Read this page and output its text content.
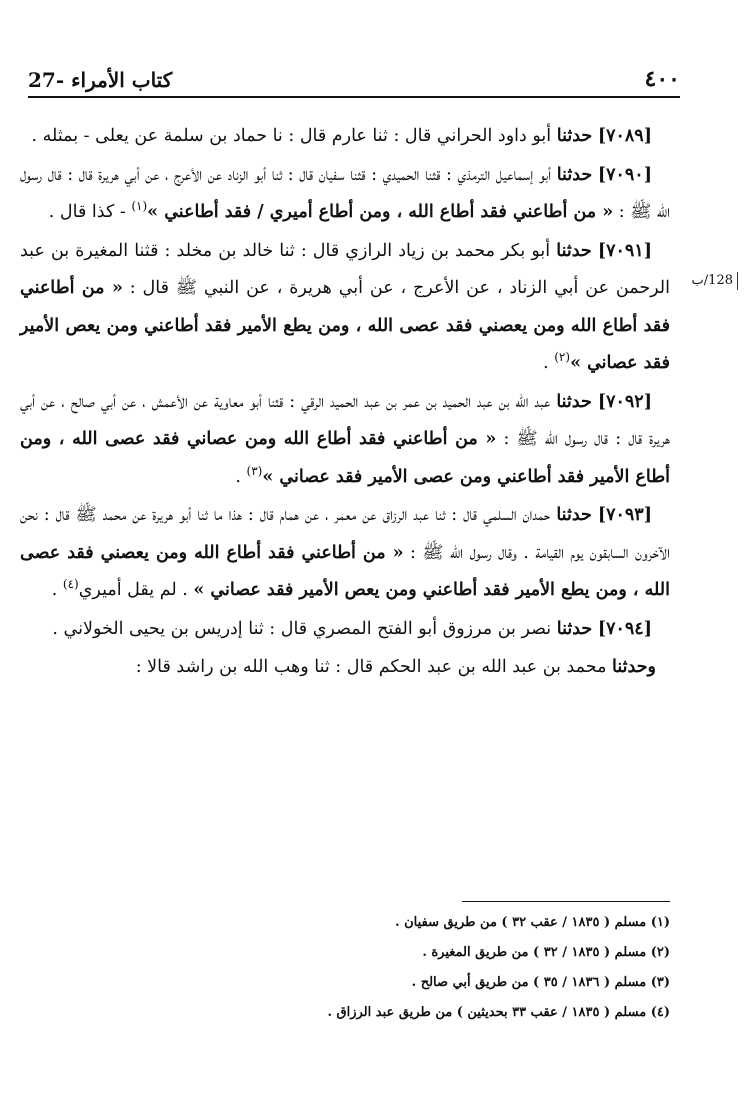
27- كتاب الأمراء	٤٠٠
128/ب

[٧٠٨٩] حدثنا أبو داود الحراني قال : ثنا عارم قال : نا حماد بن سلمة عن يعلى - بمثله .

[٧٠٩٠] حدثنا أبو إسماعيل الترمذي : قثنا الحميدي : قثنا سفيان قال : ثنا أبو الزناد عن الأعرج ، عن أبي هريرة قال : قال رسول الله ﷺ : « من أطاعني فقد أطاع الله ، ومن أطاع أميري / فقد أطاعني »$^{(١)}$ - كذا قال .

[٧٠٩١] حدثنا أبو بكر محمد بن زياد الرازي قال : ثنا خالد بن مخلد : قثنا المغيرة بن عبد الرحمن عن أبي الزناد ، عن الأعرج ، عن أبي هريرة ، عن النبي ﷺ قال : « من أطاعني فقد أطاع الله ومن يعصني فقد عصى الله ، ومن يطع الأمير فقد أطاعني ومن يعص الأمير فقد عصاني »$^{(٢)}$ .

[٧٠٩٢] حدثنا عبد الله بن عبد الحميد بن عمر بن عبد الحميد الرقي : قثنا أبو معاوية عن الأعمش ، عن أبي صالح ، عن أبي هريرة قال : قال رسول الله ﷺ : « من أطاعني فقد أطاع الله ومن عصاني فقد عصى الله ، ومن أطاع الأمير فقد أطاعني ومن عصى الأمير فقد عصاني »$^{(٣)}$ .

[٧٠٩٣] حدثنا حمدان السلمي قال : ثنا عبد الرزاق عن معمر ، عن همام قال : هذا ما ثنا أبو هريرة عن محمد ﷺ قال : نحن الآخرون السابقون يوم القيامة . وقال رسول الله ﷺ : « من أطاعني فقد أطاع الله ومن يعصني فقد عصى الله ، ومن يطع الأمير فقد أطاعني ومن يعص الأمير فقد عصاني » . لم يقل أميري$^{(٤)}$ .

[٧٠٩٤] حدثنا نصر بن مرزوق أبو الفتح المصري قال : ثنا إدريس بن يحيى الخولاني .

وحدثنا محمد بن عبد الله بن عبد الحكم قال : ثنا وهب الله بن راشد قالا :

(١) مسلم ( ١٨٣٥ / عقب ٣٢ ) من طريق سفيان .
(٢) مسلم ( ١٨٣٥ / ٣٢ ) من طريق المغيرة .
(٣) مسلم ( ١٨٣٦ / ٣٥ ) من طريق أبي صالح .
(٤) مسلم ( ١٨٣٥ / عقب ٣٣ بحديثين ) من طريق عبد الرزاق .
